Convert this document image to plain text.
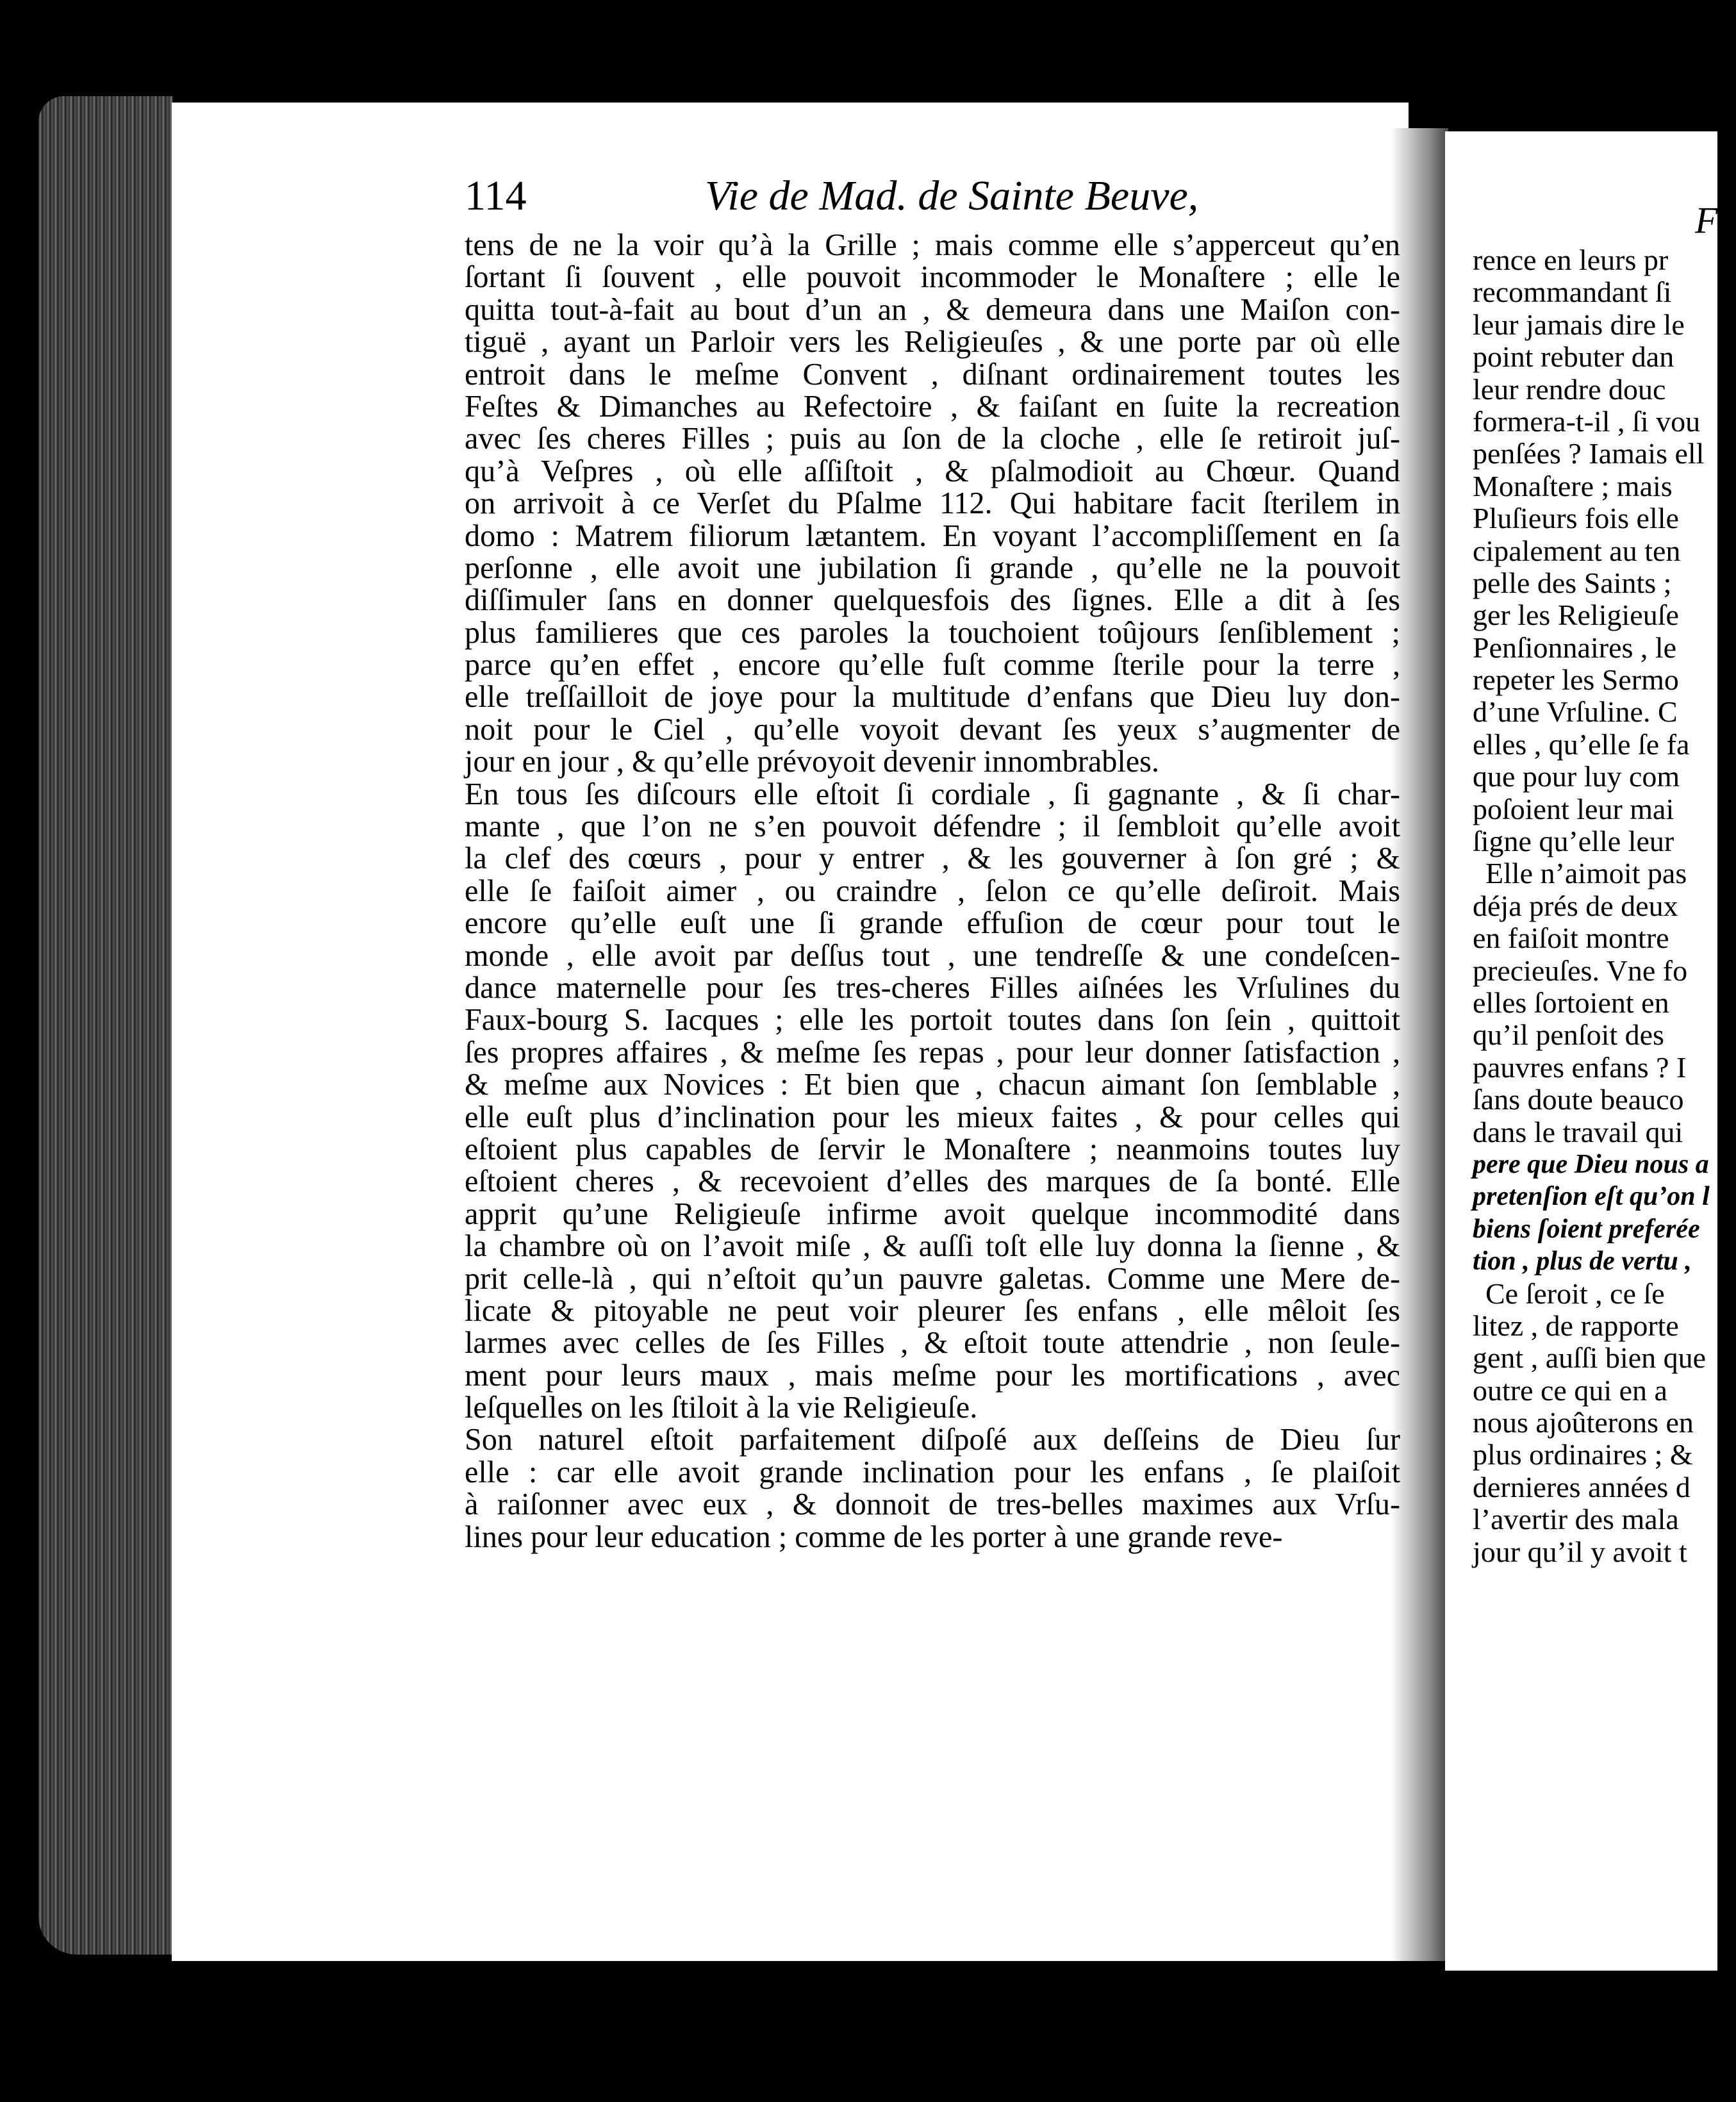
Fo
rence en leurs pr
recommandant ſi
leur jamais dire le
point rebuter dan
leur rendre douc
formera-t-il , ſi vou
penſées ? Iamais ell
Monaſtere ; mais
Pluſieurs fois elle
cipalement au ten
pelle des Saints ;
ger les Religieuſe
Penſionnaires , le
repeter les Sermo
d’une Vrſuline. C
elles , qu’elle ſe fa
que pour luy com
poſoient leur mai
ſigne qu’elle leur
Elle n’aimoit pas
déja prés de deux
en faiſoit montre
precieuſes. Vne fo
elles ſortoient en
qu’il penſoit des
pauvres enfans ? I
ſans doute beauco
dans le travail qui
pere que Dieu nous a
pretenſion eſt qu’on l
biens ſoient preferée
tion , plus de vertu ,
Ce ſeroit , ce ſe
litez , de rapporte
gent , auſſi bien que
outre ce qui en a
nous ajoûterons en
plus ordinaires ; &
dernieres années d
l’avertir des mala
jour qu’il y avoit t
(
114	Vie de Mad. de Sainte Beuve,
tens de ne la voir qu’à la Grille ; mais comme elle s’apperceut qu’en
ſortant ſi ſouvent , elle pouvoit incommoder le Monaſtere ; elle le
quitta tout-à-fait au bout d’un an , & demeura dans une Maiſon con-
tiguë , ayant un Parloir vers les Religieuſes , & une porte par où elle
entroit dans le meſme Convent , diſnant ordinairement toutes les
Feſtes & Dimanches au Refectoire , & faiſant en ſuite la recreation
avec ſes cheres Filles ; puis au ſon de la cloche , elle ſe retiroit juſ-
qu’à Veſpres , où elle aſſiſtoit , & pſalmodioit au Chœur. Quand
on arrivoit à ce Verſet du Pſalme 112. Qui habitare facit ſterilem in
domo : Matrem filiorum lætantem. En voyant l’accompliſſement en ſa
perſonne , elle avoit une jubilation ſi grande , qu’elle ne la pouvoit
diſſimuler ſans en donner quelquesfois des ſignes. Elle a dit à ſes
plus familieres que ces paroles la touchoient toûjours ſenſiblement ;
parce qu’en effet , encore qu’elle fuſt comme ſterile pour la terre ,
elle treſſailloit de joye pour la multitude d’enfans que Dieu luy don-
noit pour le Ciel , qu’elle voyoit devant ſes yeux s’augmenter de
jour en jour , & qu’elle prévoyoit devenir innombrables.
En tous ſes diſcours elle eſtoit ſi cordiale , ſi gagnante , & ſi char-
mante , que l’on ne s’en pouvoit défendre ; il ſembloit qu’elle avoit
la clef des cœurs , pour y entrer , & les gouverner à ſon gré ; &
elle ſe faiſoit aimer , ou craindre , ſelon ce qu’elle deſiroit. Mais
encore qu’elle euſt une ſi grande effuſion de cœur pour tout le
monde , elle avoit par deſſus tout , une tendreſſe & une condeſcen-
dance maternelle pour ſes tres-cheres Filles aiſnées les Vrſulines du
Faux-bourg S. Iacques ; elle les portoit toutes dans ſon ſein , quittoit
ſes propres affaires , & meſme ſes repas , pour leur donner ſatisfaction ,
& meſme aux Novices : Et bien que , chacun aimant ſon ſemblable ,
elle euſt plus d’inclination pour les mieux faites , & pour celles qui
eſtoient plus capables de ſervir le Monaſtere ; neanmoins toutes luy
eſtoient cheres , & recevoient d’elles des marques de ſa bonté. Elle
apprit qu’une Religieuſe infirme avoit quelque incommodité dans
la chambre où on l’avoit miſe , & auſſi toſt elle luy donna la ſienne , &
prit celle-là , qui n’eſtoit qu’un pauvre galetas. Comme une Mere de-
licate & pitoyable ne peut voir pleurer ſes enfans , elle mêloit ſes
larmes avec celles de ſes Filles , & eſtoit toute attendrie , non ſeule-
ment pour leurs maux , mais meſme pour les mortifications , avec
leſquelles on les ſtiloit à la vie Religieuſe.
Son naturel eſtoit parfaitement diſpoſé aux deſſeins de Dieu ſur
elle : car elle avoit grande inclination pour les enfans , ſe plaiſoit
à raiſonner avec eux , & donnoit de tres-belles maximes aux Vrſu-
lines pour leur education ; comme de les porter à une grande reve-
